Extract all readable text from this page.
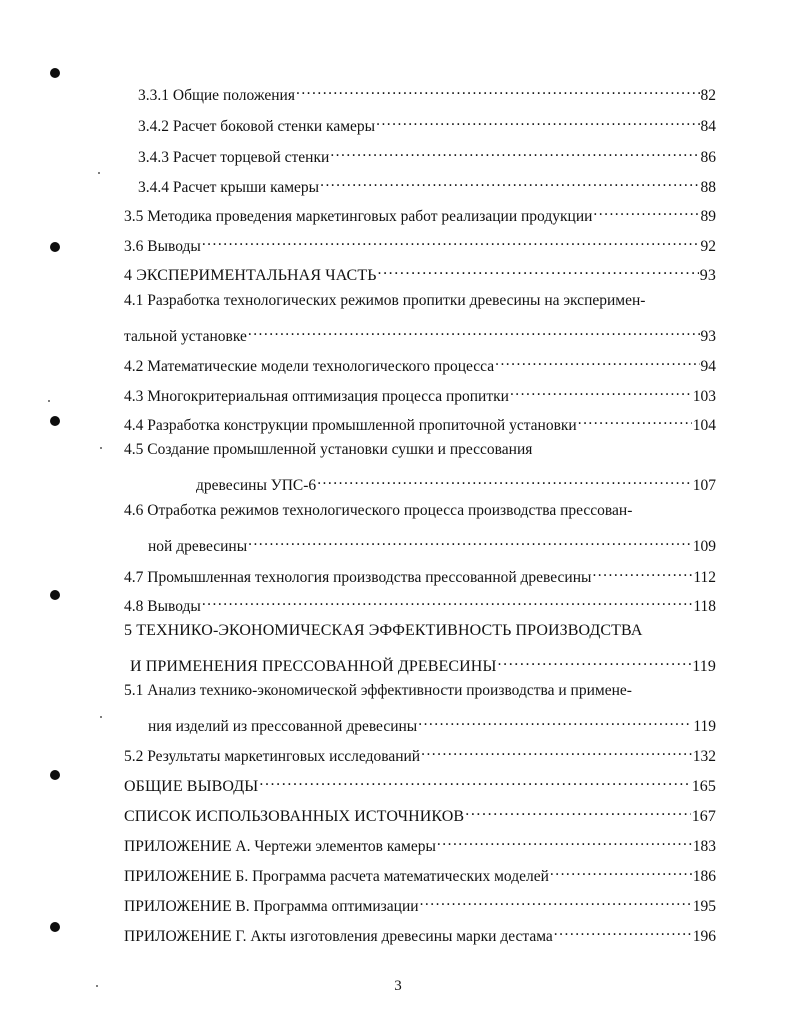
3.3.1 Общие положения . . .	82
3.4.2 Расчет боковой стенки камеры . . .	84
3.4.3 Расчет торцевой стенки . . .	86
3.4.4 Расчет крыши камеры . . .	88
3.5 Методика проведения маркетинговых работ реализации продукции . . .	89
3.6 Выводы . . .	92
4 ЭКСПЕРИМЕНТАЛЬНАЯ ЧАСТЬ . . .	93
4.1 Разработка технологических режимов пропитки древесины на эксперимен-
тальной установке . . .	93
4.2 Математические модели технологического процесса . . .	94
4.3 Многокритериальная оптимизация процесса пропитки . . .	103
4.4 Разработка конструкции промышленной пропиточной установки . . .	104
4.5 Создание промышленной установки сушки и прессования
древесины УПС-6 . . .	107
4.6 Отработка режимов технологического процесса производства прессован-
ной древесины . . .	109
4.7 Промышленная технология производства прессованной древесины . . .	112
4.8 Выводы . . .	118
5 ТЕХНИКО-ЭКОНОМИЧЕСКАЯ ЭФФЕКТИВНОСТЬ ПРОИЗВОДСТВА
И ПРИМЕНЕНИЯ ПРЕССОВАННОЙ ДРЕВЕСИНЫ . . .	119
5.1 Анализ технико-экономической эффективности производства и примене-
ния изделий из прессованной древесины . . .	119
5.2 Результаты маркетинговых исследований . . .	132
ОБЩИЕ ВЫВОДЫ . . .	165
СПИСОК ИСПОЛЬЗОВАННЫХ ИСТОЧНИКОВ . . .	167
ПРИЛОЖЕНИЕ А. Чертежи элементов камеры . . .	183
ПРИЛОЖЕНИЕ Б. Программа расчета математических моделей . . .	186
ПРИЛОЖЕНИЕ В. Программа оптимизации . . .	195
ПРИЛОЖЕНИЕ Г. Акты изготовления древесины марки дестама . . .	196
3
